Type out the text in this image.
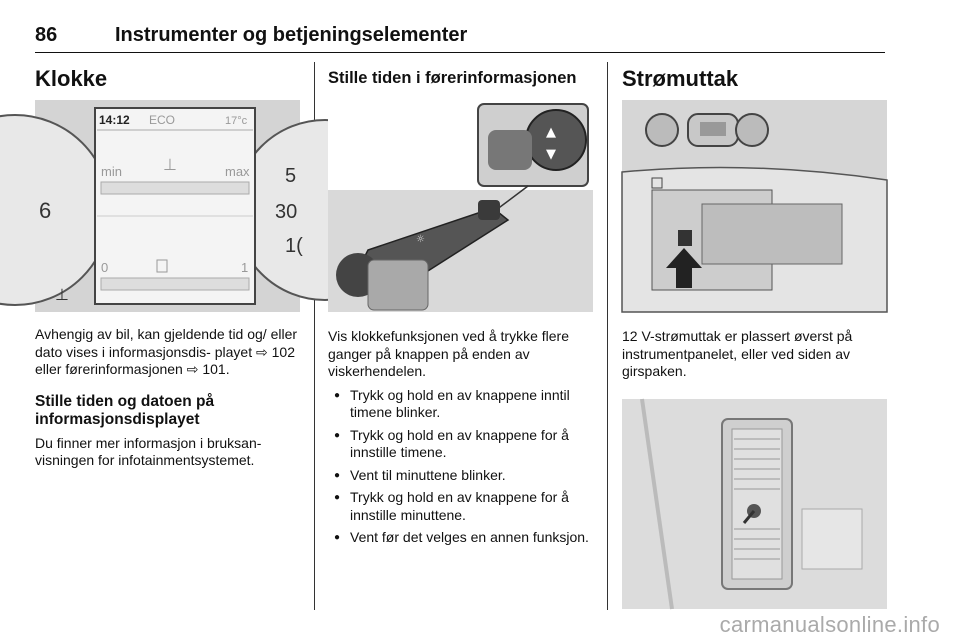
86	Instrumenter og betjeningselementer
Klokke
6
⊥
5
30
1(
14:12 ECO	17°c
min	max
⊥
0	1

Avhengig av bil, kan gjeldende tid og/ eller dato vises i informasjonsdis- playet ⇨ 102 eller førerinformasjonen ⇨ 101.

Stille tiden og datoen på informasjonsdisplayet

Du finner mer informasjon i bruksan- visningen for infotainmentsystemet.

Stille tiden i førerinformasjonen
▲
▼
☼

Vis klokkefunksjonen ved å trykke flere ganger på knappen på enden av viskerhendelen.

● Trykk og hold en av knappene inntil timene blinker.
● Trykk og hold en av knappene for å innstille timene.
● Vent til minuttene blinker.
● Trykk og hold en av knappene for å innstille minuttene.
● Vent før det velges en annen funksjon.
Strømuttak

12 V-strømuttak er plassert øverst på instrumentpanelet, eller ved siden av girspaken.

carmanualsonline.info
